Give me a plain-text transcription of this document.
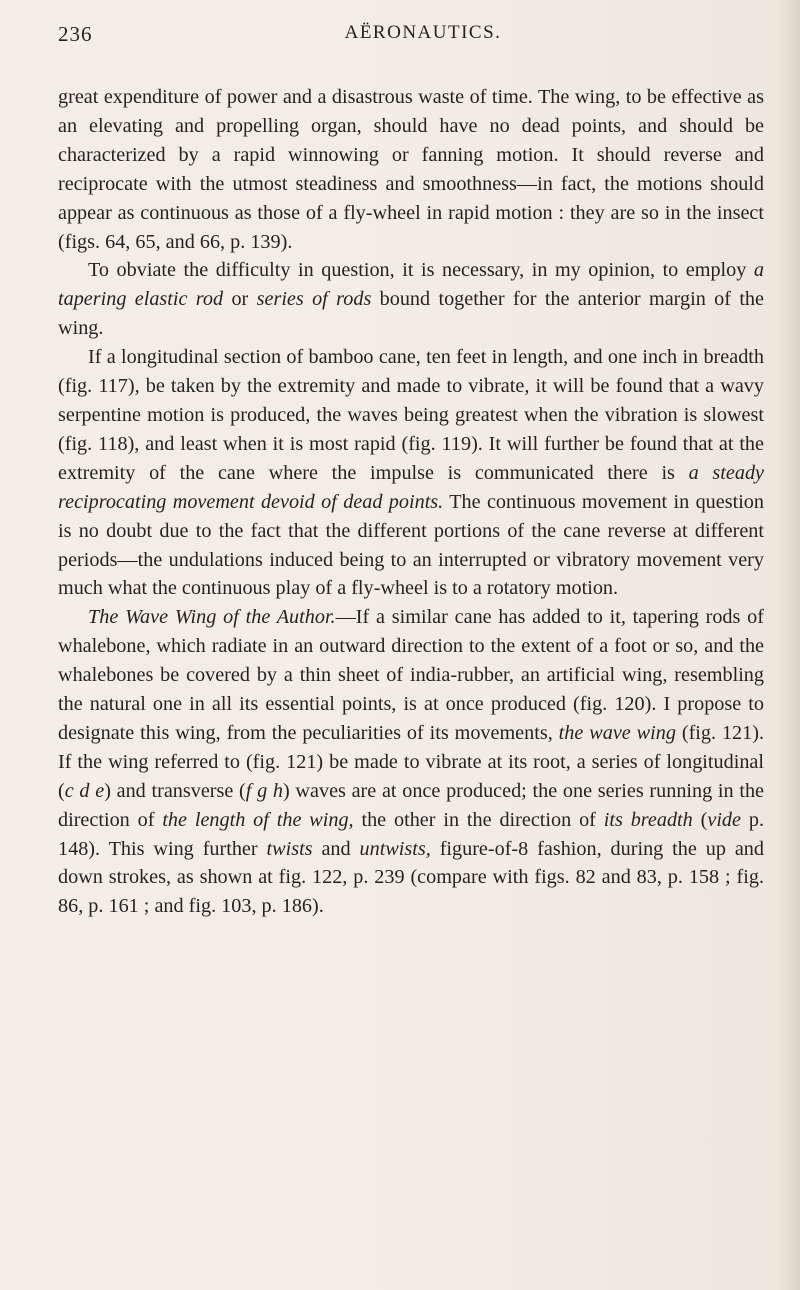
236	AËRONAUTICS.

great expenditure of power and a disastrous waste of time. The wing, to be effective as an elevating and propelling organ, should have no dead points, and should be characterized by a rapid winnowing or fanning motion. It should reverse and reciprocate with the utmost steadiness and smoothness—in fact, the motions should appear as continuous as those of a fly-wheel in rapid motion : they are so in the insect (figs. 64, 65, and 66, p. 139).

To obviate the difficulty in question, it is necessary, in my opinion, to employ a tapering elastic rod or series of rods bound together for the anterior margin of the wing.

If a longitudinal section of bamboo cane, ten feet in length, and one inch in breadth (fig. 117), be taken by the extremity and made to vibrate, it will be found that a wavy serpentine motion is produced, the waves being greatest when the vibration is slowest (fig. 118), and least when it is most rapid (fig. 119). It will further be found that at the extremity of the cane where the impulse is communicated there is a steady reciprocating movement devoid of dead points. The continuous movement in question is no doubt due to the fact that the different portions of the cane reverse at different periods—the undulations induced being to an interrupted or vibratory movement very much what the continuous play of a fly-wheel is to a rotatory motion.

The Wave Wing of the Author.—If a similar cane has added to it, tapering rods of whalebone, which radiate in an outward direction to the extent of a foot or so, and the whalebones be covered by a thin sheet of india-rubber, an artificial wing, resembling the natural one in all its essential points, is at once produced (fig. 120). I propose to designate this wing, from the peculiarities of its movements, the wave wing (fig. 121). If the wing referred to (fig. 121) be made to vibrate at its root, a series of longitudinal (c d e) and transverse (f g h) waves are at once produced; the one series running in the direction of the length of the wing, the other in the direction of its breadth (vide p. 148). This wing further twists and untwists, figure-of-8 fashion, during the up and down strokes, as shown at fig. 122, p. 239 (compare with figs. 82 and 83, p. 158 ; fig. 86, p. 161 ; and fig. 103, p. 186).
